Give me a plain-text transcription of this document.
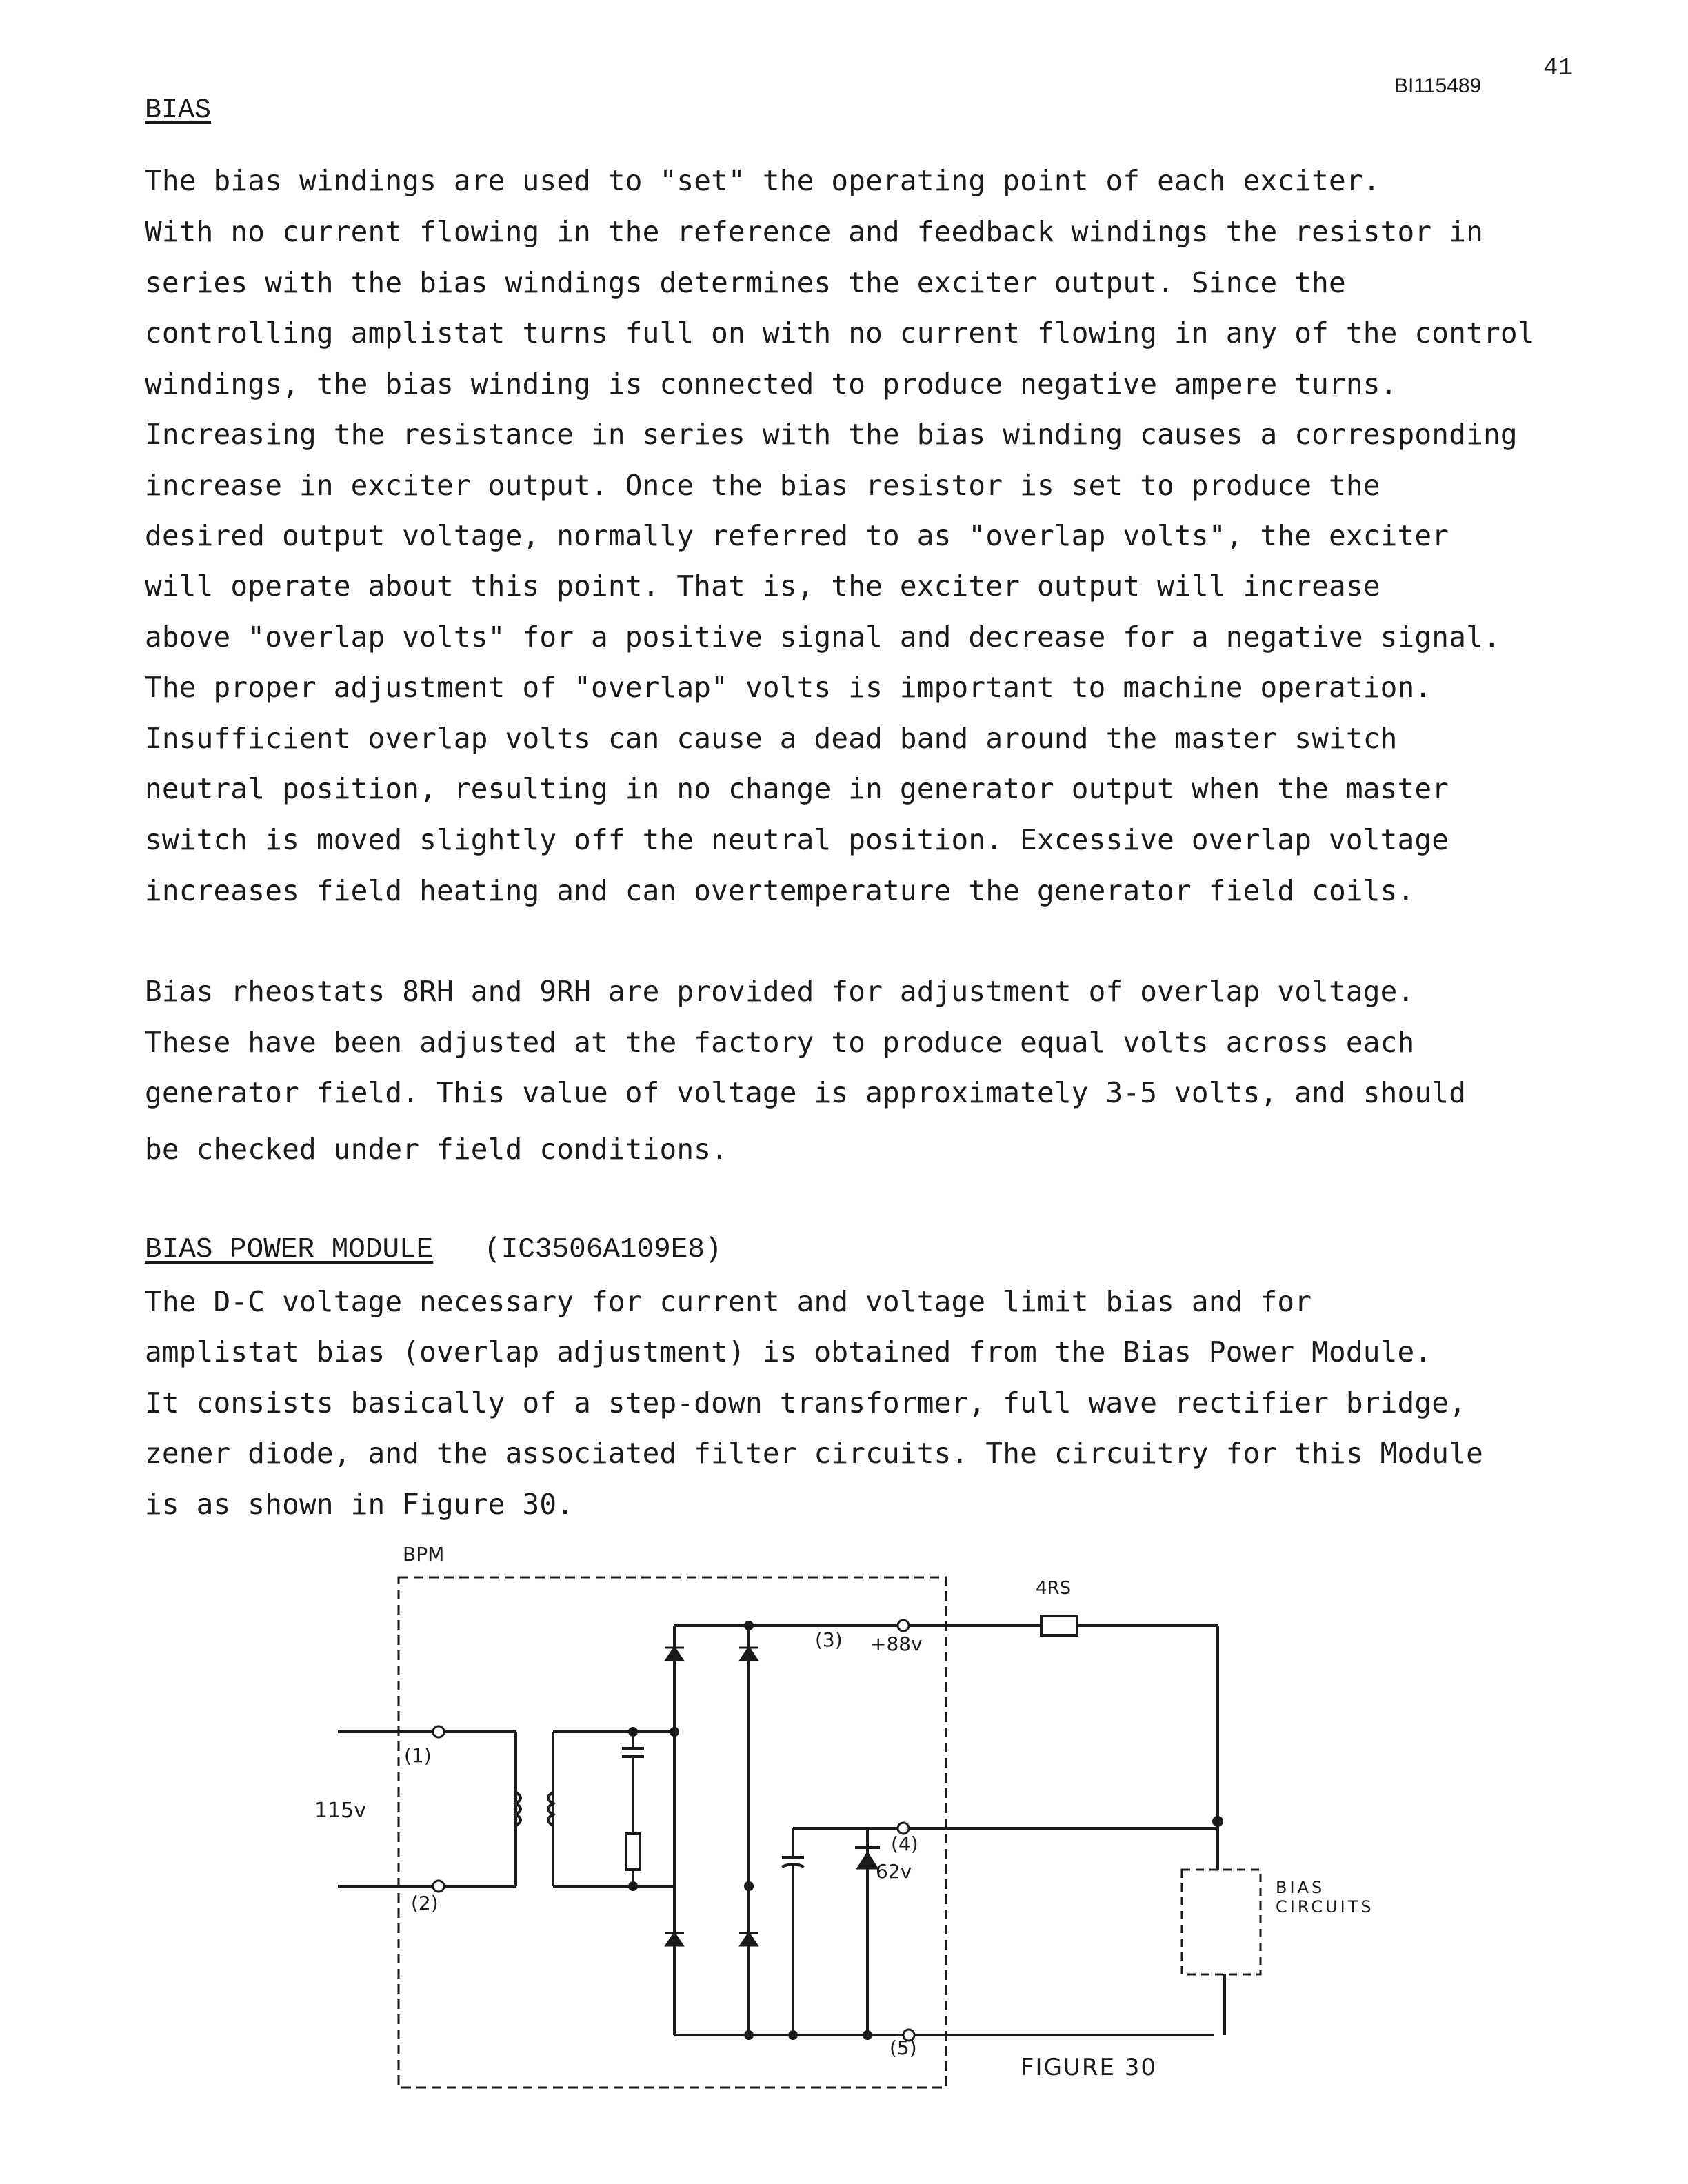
41
BI115489
BIAS
The bias windings are used to "set" the operating point of each exciter.
With no current flowing in the reference and feedback windings the resistor in
series with the bias windings determines the exciter output. Since the
controlling amplistat turns full on with no current flowing in any of the control
windings, the bias winding is connected to produce negative ampere turns.
Increasing the resistance in series with the bias winding causes a corresponding
increase in exciter output. Once the bias resistor is set to produce the
desired output voltage, normally referred to as "overlap volts", the exciter
will operate about this point. That is, the exciter output will increase
above "overlap volts" for a positive signal and decrease for a negative signal.
The proper adjustment of "overlap" volts is important to machine operation.
Insufficient overlap volts can cause a dead band around the master switch
neutral position, resulting in no change in generator output when the master
switch is moved slightly off the neutral position. Excessive overlap voltage
increases field heating and can overtemperature the generator field coils.
Bias rheostats 8RH and 9RH are provided for adjustment of overlap voltage.
These have been adjusted at the factory to produce equal volts across each
generator field. This value of voltage is approximately 3-5 volts, and should
be checked under field conditions.
BIAS POWER MODULE   (IC3506A109E8)
The D-C voltage necessary for current and voltage limit bias and for
amplistat bias (overlap adjustment) is obtained from the Bias Power Module.
It consists basically of a step-down transformer, full wave rectifier bridge,
zener diode, and the associated filter circuits. The circuitry for this Module
is as shown in Figure 30.
BPM
4RS
(3) +88v
(1)
115v
(2)
(4)
62v
(5)
BIAS
CIRCUITS
FIGURE 30
